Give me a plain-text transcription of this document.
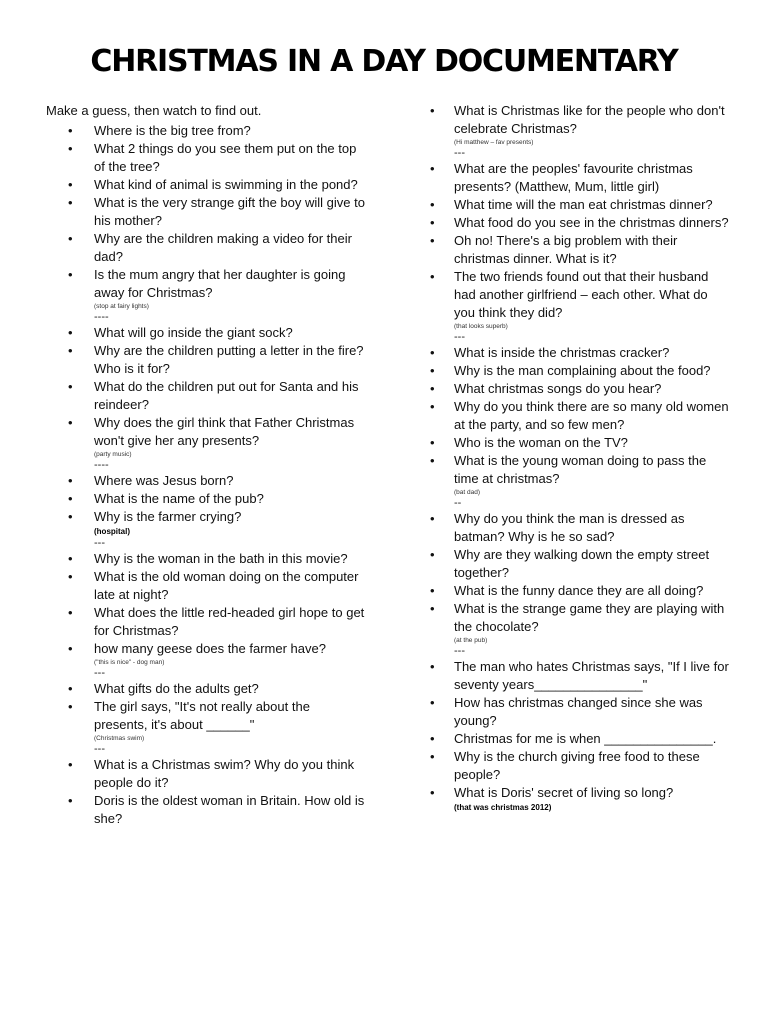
CHRISTMAS IN A DAY DOCUMENTARY
Make a guess, then watch to find out.
• Where is the big tree from?
• What 2 things do you see them put on the top of the tree?
• What kind of animal is swimming in the pond?
• What is the very strange gift the boy will give to his mother?
• Why are the children making a video for their dad?
• Is the mum angry that her daughter is going away for Christmas?
(stop at fairy lights)
----
• What will go inside the giant sock?
• Why are the children putting a letter in the fire? Who is it for?
• What do the children put out for Santa and his reindeer?
• Why does the girl think that Father Christmas won't give her any presents?
(party music)
----
• Where was Jesus born?
• What is the name of the pub?
• Why is the farmer crying?
(hospital)
---
• Why is the woman in the bath in this movie?
• What is the old woman doing on the computer late at night?
• What does the little red-headed girl hope to get for Christmas?
• how many geese does the farmer have?
("this is nice" - dog man)
---
• What gifts do the adults get?
• The girl says, "It's not really about the presents, it's about ______"
(Christmas swim)
---
• What is a Christmas swim? Why do you think people do it?
• Doris is the oldest woman in Britain. How old is she?
• What is Christmas like for the people who don't celebrate Christmas?
(Hi matthew – fav presents)
---
• What are the peoples' favourite christmas presents? (Matthew, Mum, little girl)
• What time will the man eat christmas dinner?
• What food do you see in the christmas dinners?
• Oh no! There's a big problem with their christmas dinner. What is it?
• The two friends found out that their husband had another girlfriend – each other. What do you think they did?
(that looks superb)
---
• What is inside the christmas cracker?
• Why is the man complaining about the food?
• What christmas songs do you hear?
• Why do you think there are so many old women at the party, and so few men?
• Who is the woman on the TV?
• What is the young woman doing to pass the time at christmas?
(bat dad)
--
• Why do you think the man is dressed as batman? Why is he so sad?
• Why are they walking down the empty street together?
• What is the funny dance they are all doing?
• What is the strange game they are playing with the chocolate?
(at the pub)
---
• The man who hates Christmas says, "If I live for seventy years_______________"
• How has christmas changed since she was young?
• Christmas for me is when _______________.
• Why is the church giving free food to these people?
• What is Doris' secret of living so long?
(that was christmas 2012)
